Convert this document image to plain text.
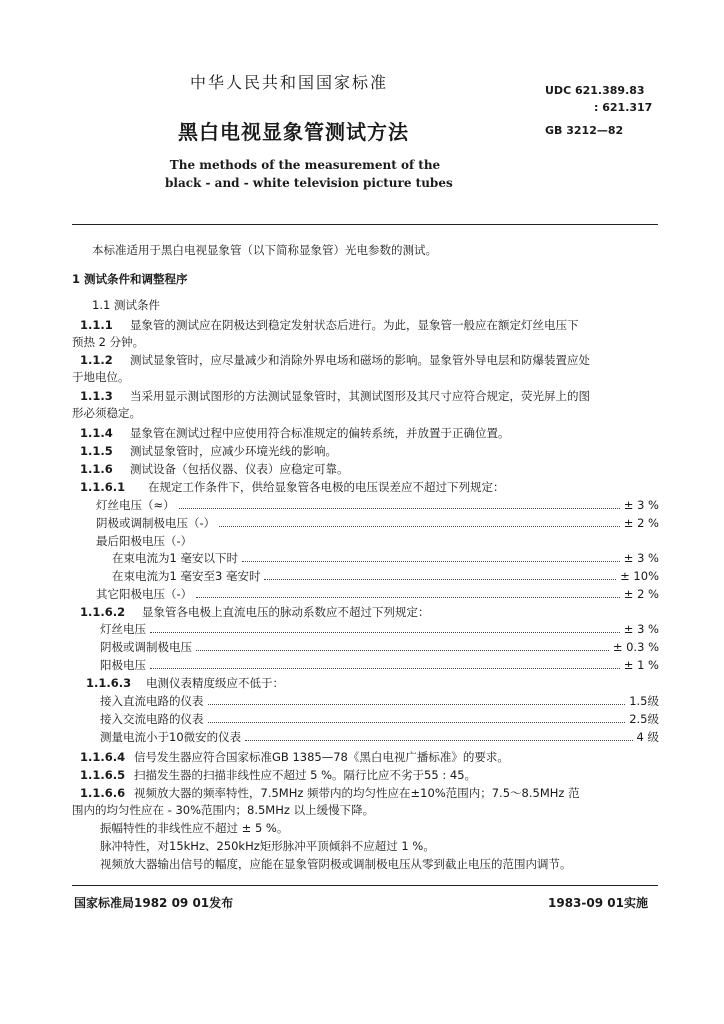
中华人民共和国国家标准
黑白电视显象管测试方法
The methods of the measurement of the
black - and - white television picture tubes
UDC 621.389.83
: 621.317
GB 3212—82
本标准适用于黑白电视显象管（以下简称显象管）光电参数的测试。
1 测试条件和调整程序
1.1 测试条件
1.1.1 显象管的测试应在阴极达到稳定发射状态后进行。为此，显象管一般应在额定灯丝电压下
预热 2 分钟。
1.1.2 测试显象管时，应尽量减少和消除外界电场和磁场的影响。显象管外导电层和防爆装置应处
于地电位。
1.1.3 当采用显示测试图形的方法测试显象管时，其测试图形及其尺寸应符合规定，荧光屏上的图
形必须稳定。
1.1.4 显象管在测试过程中应使用符合标准规定的偏转系统，并放置于正确位置。
1.1.5 测试显象管时，应减少环境光线的影响。
1.1.6 测试设备（包括仪器、仪表）应稳定可靠。
1.1.6.1 在规定工作条件下，供给显象管各电极的电压误差应不超过下列规定：
灯丝电压（≈）	± 3 %
阴极或调制极电压（-）	± 2 %
最后阳极电压（-）
在束电流为1 毫安以下时	± 3 %
在束电流为1 毫安至3 毫安时	± 10%
其它阳极电压（-）	± 2 %
1.1.6.2 显象管各电极上直流电压的脉动系数应不超过下列规定：
灯丝电压	± 3 %
阴极或调制极电压	± 0.3 %
阳极电压	± 1 %
1.1.6.3 电测仪表精度级应不低于：
接入直流电路的仪表	1.5级
接入交流电路的仪表	2.5级
测量电流小于10微安的仪表	4 级
1.1.6.4 信号发生器应符合国家标准GB 1385—78《黑白电视广播标准》的要求。
1.1.6.5 扫描发生器的扫描非线性应不超过 5 %。隔行比应不劣于55 : 45。
1.1.6.6 视频放大器的频率特性，7.5MHz 频带内的均匀性应在±10%范围内；7.5～8.5MHz 范
围内的均匀性应在 - 30%范围内；8.5MHz 以上缓慢下降。
振幅特性的非线性应不超过 ± 5 %。
脉冲特性，对15kHz、250kHz矩形脉冲平顶倾斜不应超过 1 %。
视频放大器输出信号的幅度，应能在显象管阴极或调制极电压从零到截止电压的范围内调节。
国家标准局1982 09 01发布	1983-09 01实施
